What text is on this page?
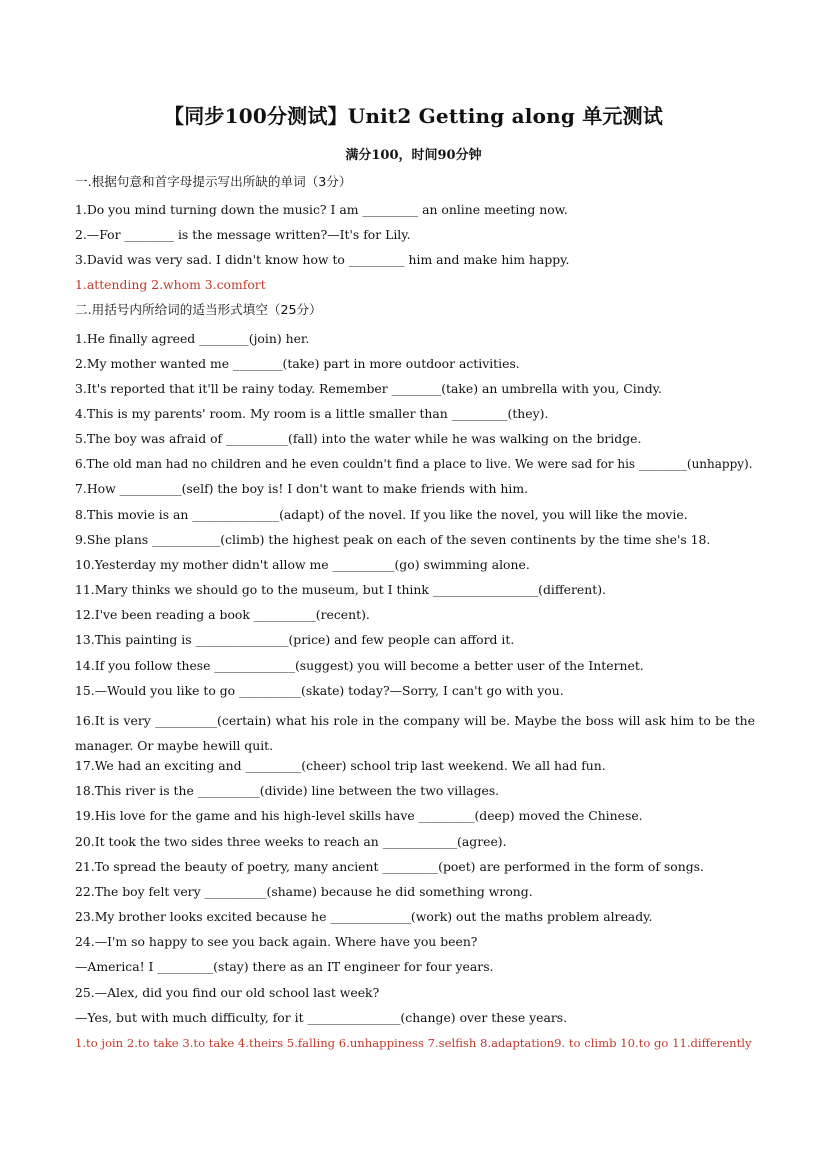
【同步100分测试】Unit2 Getting along 单元测试
满分100，时间90分钟
一.根据句意和首字母提示写出所缺的单词（3分）
1.Do you mind turning down the music? I am _________ an online meeting now.
2.—For ________ is the message written?—It's for Lily.
3.David was very sad. I didn't know how to _________ him and make him happy.
1.attending 2.whom 3.comfort
二.用括号内所给词的适当形式填空（25分）
1.He finally agreed ________(join) her.
2.My mother wanted me ________(take) part in more outdoor activities.
3.It's reported that it'll be rainy today. Remember ________(take) an umbrella with you, Cindy.
4.This is my parents' room. My room is a little smaller than _________(they).
5.The boy was afraid of __________(fall) into the water while he was walking on the bridge.
6.The old man had no children and he even couldn't find a place to live. We were sad for his ________(unhappy).
7.How __________(self) the boy is! I don't want to make friends with him.
8.This movie is an ______________(adapt) of the novel. If you like the novel, you will like the movie.
9.She plans ___________(climb) the highest peak on each of the seven continents by the time she's 18.
10.Yesterday my mother didn't allow me __________(go) swimming alone.
11.Mary thinks we should go to the museum, but I think _________________(different).
12.I've been reading a book __________(recent).
13.This painting is _______________(price) and few people can afford it.
14.If you follow these _____________(suggest) you will become a better user of the Internet.
15.—Would you like to go __________(skate) today?—Sorry, I can't go with you.
16.It is very __________(certain) what his role in the company will be. Maybe the boss will ask him to be the manager. Or maybe hewill quit.
17.We had an exciting and _________(cheer) school trip last weekend. We all had fun.
18.This river is the __________(divide) line between the two villages.
19.His love for the game and his high-level skills have _________(deep) moved the Chinese.
20.It took the two sides three weeks to reach an ____________(agree).
21.To spread the beauty of poetry, many ancient _________(poet) are performed in the form of songs.
22.The boy felt very __________(shame) because he did something wrong.
23.My brother looks excited because he _____________(work) out the maths problem already.
24.—I'm so happy to see you back again. Where have you been?
—America! I _________(stay) there as an IT engineer for four years.
25.—Alex, did you find our old school last week?
—Yes, but with much difficulty, for it _______________(change) over these years.
1.to join 2.to take 3.to take 4.theirs 5.falling 6.unhappiness 7.selfish 8.adaptation9. to climb 10.to go 11.differently
